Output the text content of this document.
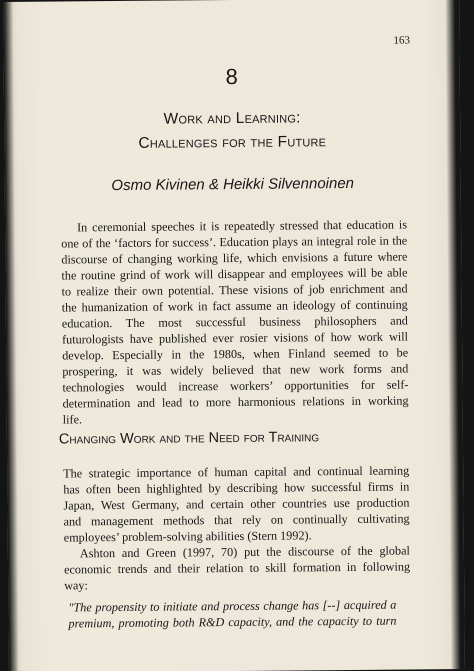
163
8
Work and Learning:
Challenges for the Future
Osmo Kivinen & Heikki Silvennoinen
In ceremonial speeches it is repeatedly stressed that education is
one of the ‘factors for success’. Education plays an integral role in the
discourse of changing working life, which envisions a future where
the routine grind of work will disappear and employees will be able
to realize their own potential. These visions of job enrichment and
the humanization of work in fact assume an ideology of continuing
education. The most successful business philosophers and
futurologists have published ever rosier visions of how work will
develop. Especially in the 1980s, when Finland seemed to be
prospering, it was widely believed that new work forms and
technologies would increase workers’ opportunities for self-
determination and lead to more harmonious relations in working
life.
Changing Work and the Need for Training
The strategic importance of human capital and continual learning
has often been highlighted by describing how successful firms in
Japan, West Germany, and certain other countries use production
and management methods that rely on continually cultivating
employees’ problem-solving abilities (Stern 1992).
Ashton and Green (1997, 70) put the discourse of the global
economic trends and their relation to skill formation in following
way:
"The propensity to initiate and process change has [--] acquired a
premium, promoting both R&D capacity, and the capacity to turn
